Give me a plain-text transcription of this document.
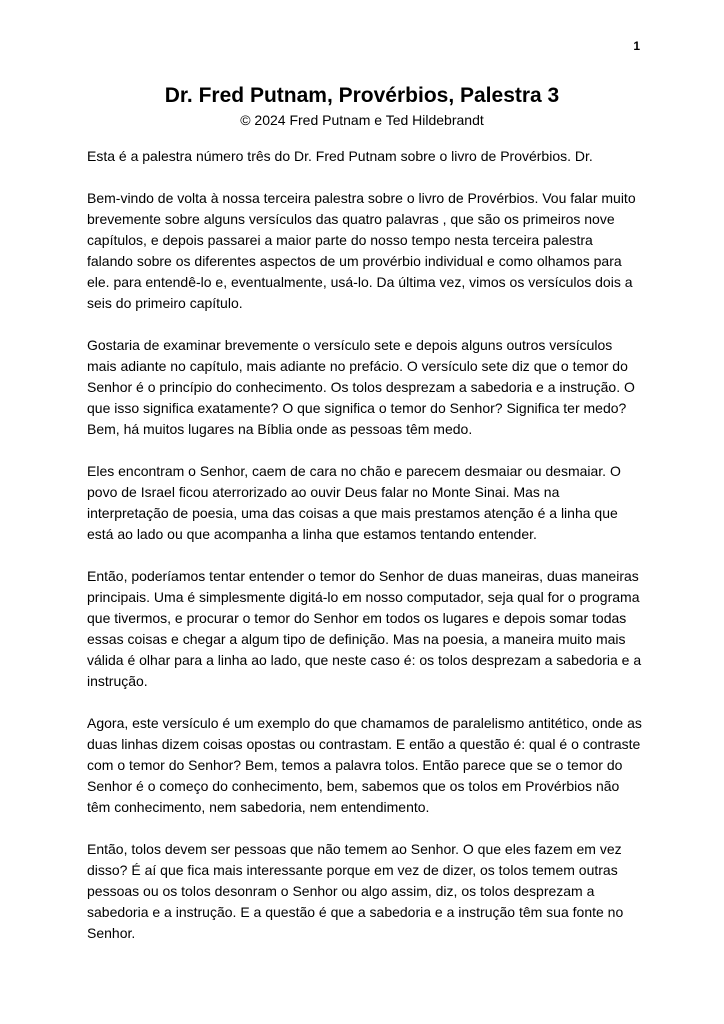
1
Dr. Fred Putnam, Provérbios, Palestra 3
© 2024 Fred Putnam e Ted Hildebrandt

Esta é a palestra número três do Dr. Fred Putnam sobre o livro de Provérbios. Dr.

Bem-vindo de volta à nossa terceira palestra sobre o livro de Provérbios. Vou falar muito brevemente sobre alguns versículos das quatro palavras , que são os primeiros nove capítulos, e depois passarei a maior parte do nosso tempo nesta terceira palestra falando sobre os diferentes aspectos de um provérbio individual e como olhamos para ele. para entendê-lo e, eventualmente, usá-lo. Da última vez, vimos os versículos dois a seis do primeiro capítulo.

Gostaria de examinar brevemente o versículo sete e depois alguns outros versículos mais adiante no capítulo, mais adiante no prefácio. O versículo sete diz que o temor do Senhor é o princípio do conhecimento. Os tolos desprezam a sabedoria e a instrução. O que isso significa exatamente? O que significa o temor do Senhor? Significa ter medo? Bem, há muitos lugares na Bíblia onde as pessoas têm medo.

Eles encontram o Senhor, caem de cara no chão e parecem desmaiar ou desmaiar. O povo de Israel ficou aterrorizado ao ouvir Deus falar no Monte Sinai. Mas na interpretação de poesia, uma das coisas a que mais prestamos atenção é a linha que está ao lado ou que acompanha a linha que estamos tentando entender.

Então, poderíamos tentar entender o temor do Senhor de duas maneiras, duas maneiras principais. Uma é simplesmente digitá-lo em nosso computador, seja qual for o programa que tivermos, e procurar o temor do Senhor em todos os lugares e depois somar todas essas coisas e chegar a algum tipo de definição. Mas na poesia, a maneira muito mais válida é olhar para a linha ao lado, que neste caso é: os tolos desprezam a sabedoria e a instrução.

Agora, este versículo é um exemplo do que chamamos de paralelismo antitético, onde as duas linhas dizem coisas opostas ou contrastam. E então a questão é: qual é o contraste com o temor do Senhor? Bem, temos a palavra tolos. Então parece que se o temor do Senhor é o começo do conhecimento, bem, sabemos que os tolos em Provérbios não têm conhecimento, nem sabedoria, nem entendimento.

Então, tolos devem ser pessoas que não temem ao Senhor. O que eles fazem em vez disso? É aí que fica mais interessante porque em vez de dizer, os tolos temem outras pessoas ou os tolos desonram o Senhor ou algo assim, diz, os tolos desprezam a sabedoria e a instrução. E a questão é que a sabedoria e a instrução têm sua fonte no Senhor.
